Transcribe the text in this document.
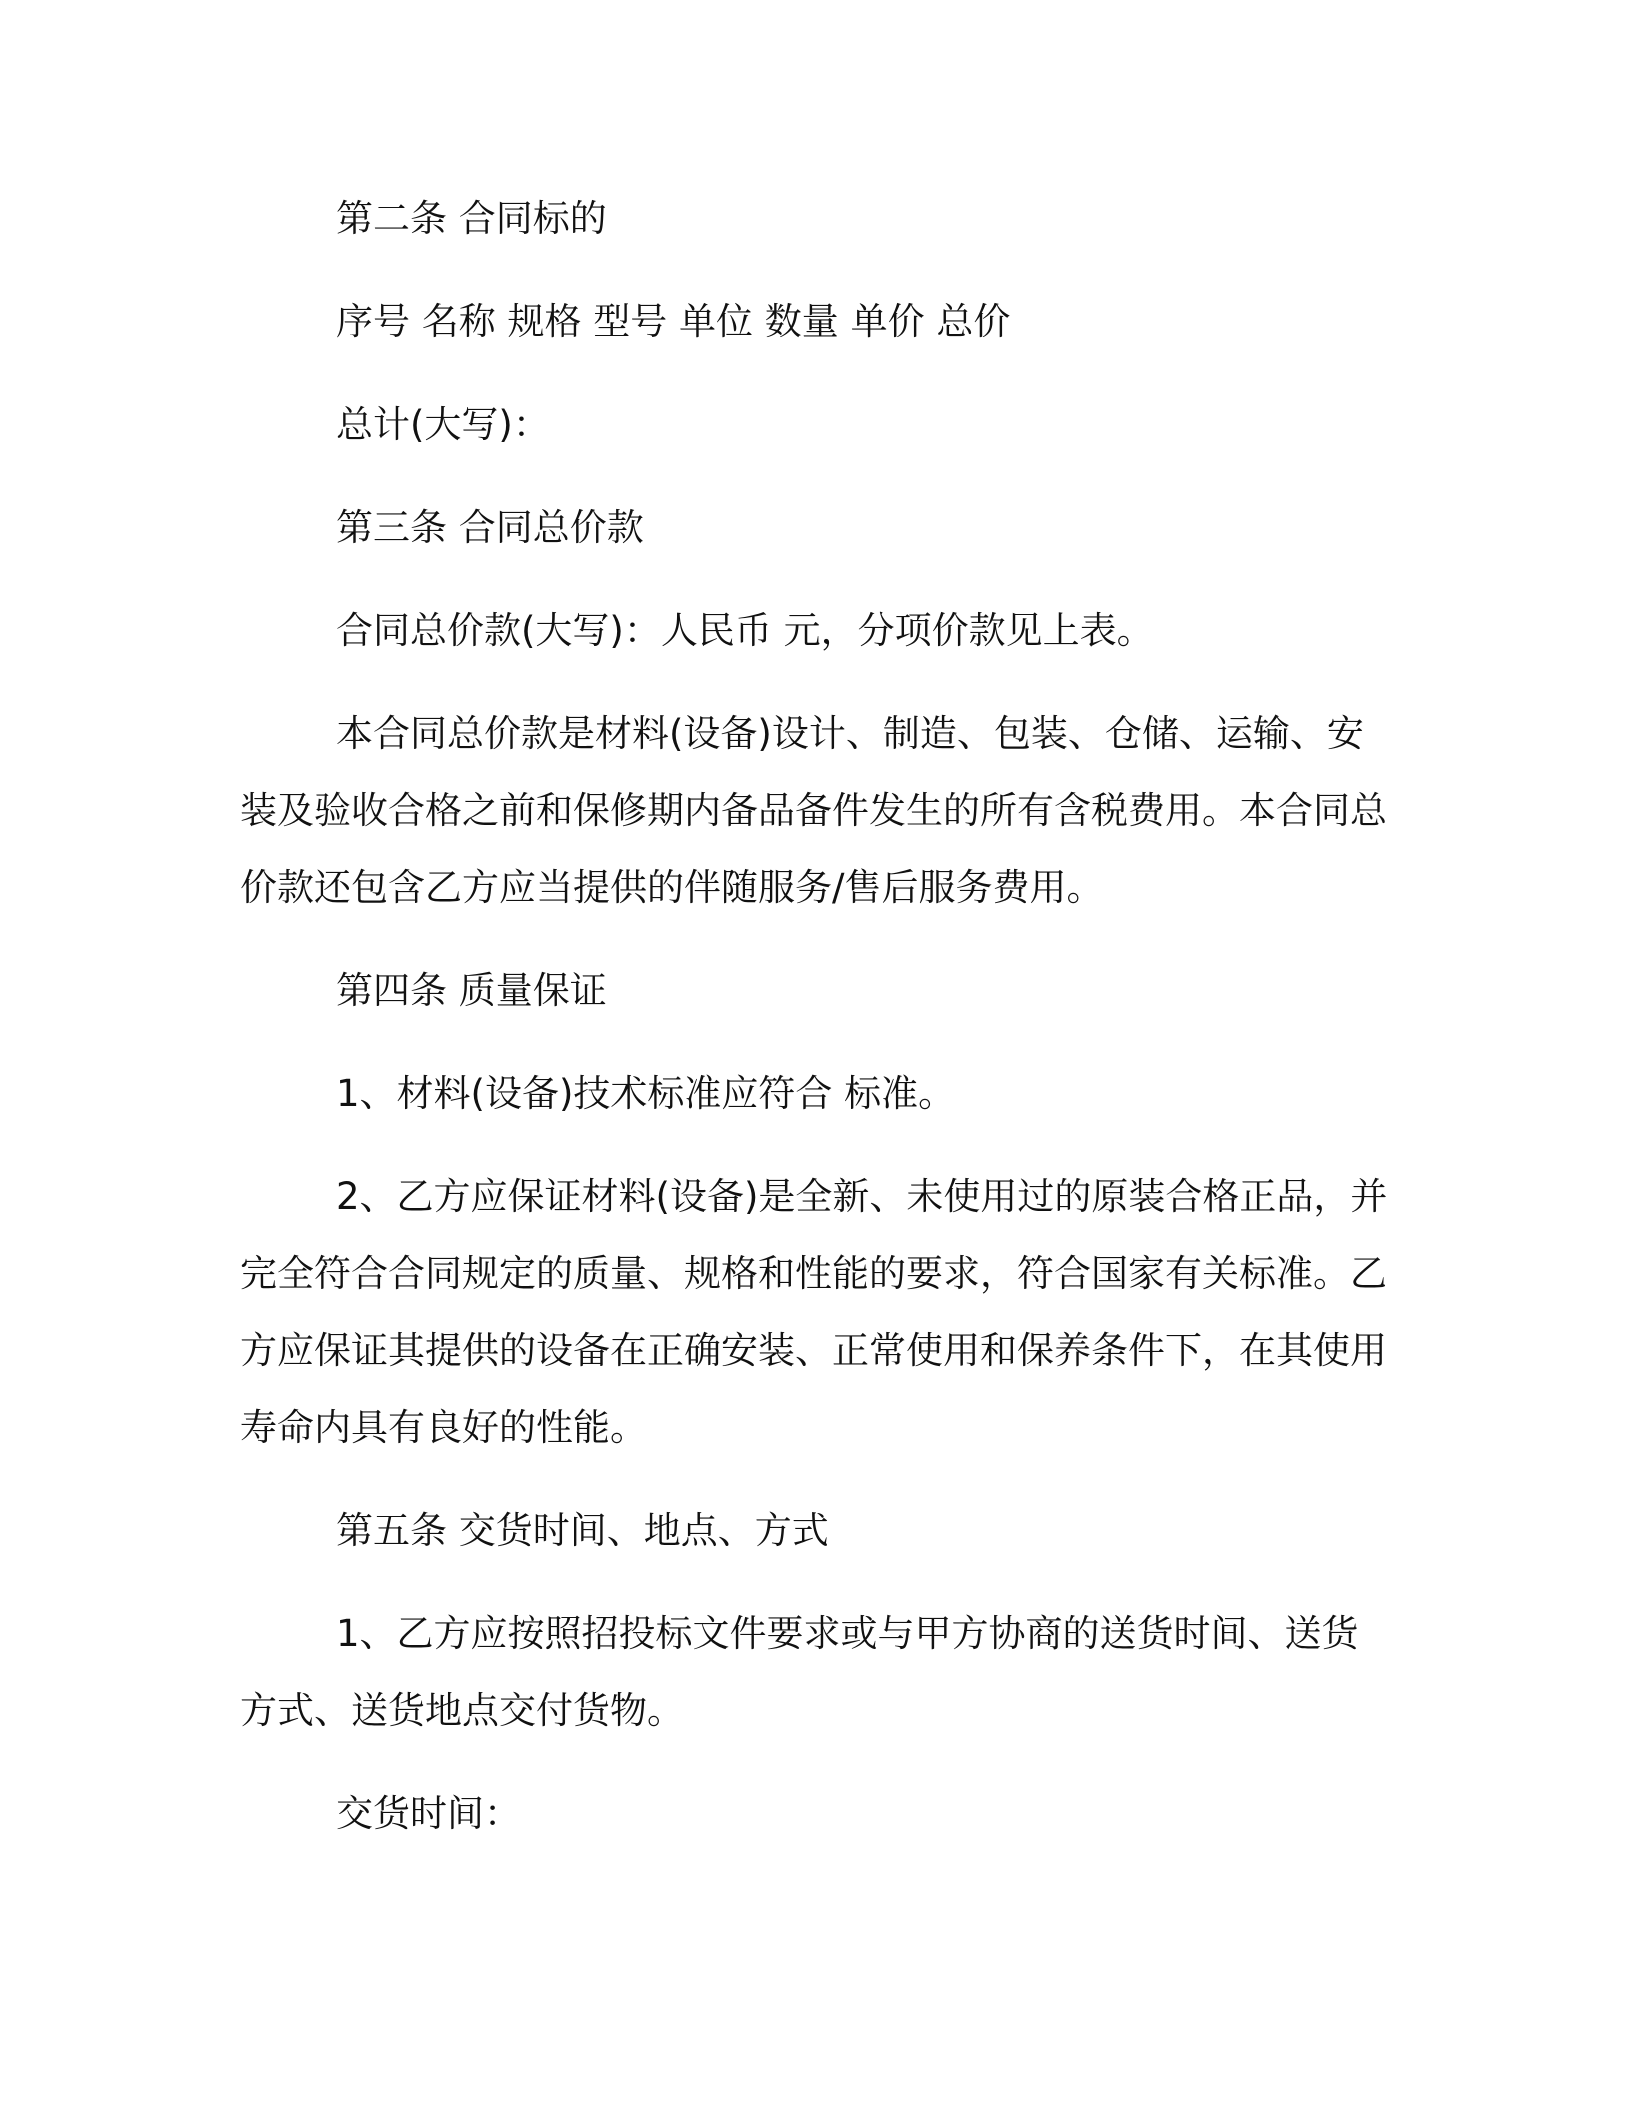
第二条 合同标的

序号 名称 规格 型号 单位 数量 单价 总价

总计(大写)：

第三条 合同总价款

合同总价款(大写)：人民币 元，分项价款见上表。

本合同总价款是材料(设备)设计、制造、包装、仓储、运输、安装及验收合格之前和保修期内备品备件发生的所有含税费用。本合同总价款还包含乙方应当提供的伴随服务/售后服务费用。

第四条 质量保证

1、材料(设备)技术标准应符合 标准。

2、乙方应保证材料(设备)是全新、未使用过的原装合格正品，并完全符合合同规定的质量、规格和性能的要求，符合国家有关标准。乙方应保证其提供的设备在正确安装、正常使用和保养条件下，在其使用寿命内具有良好的性能。

第五条 交货时间、地点、方式

1、乙方应按照招投标文件要求或与甲方协商的送货时间、送货方式、送货地点交付货物。

交货时间：
